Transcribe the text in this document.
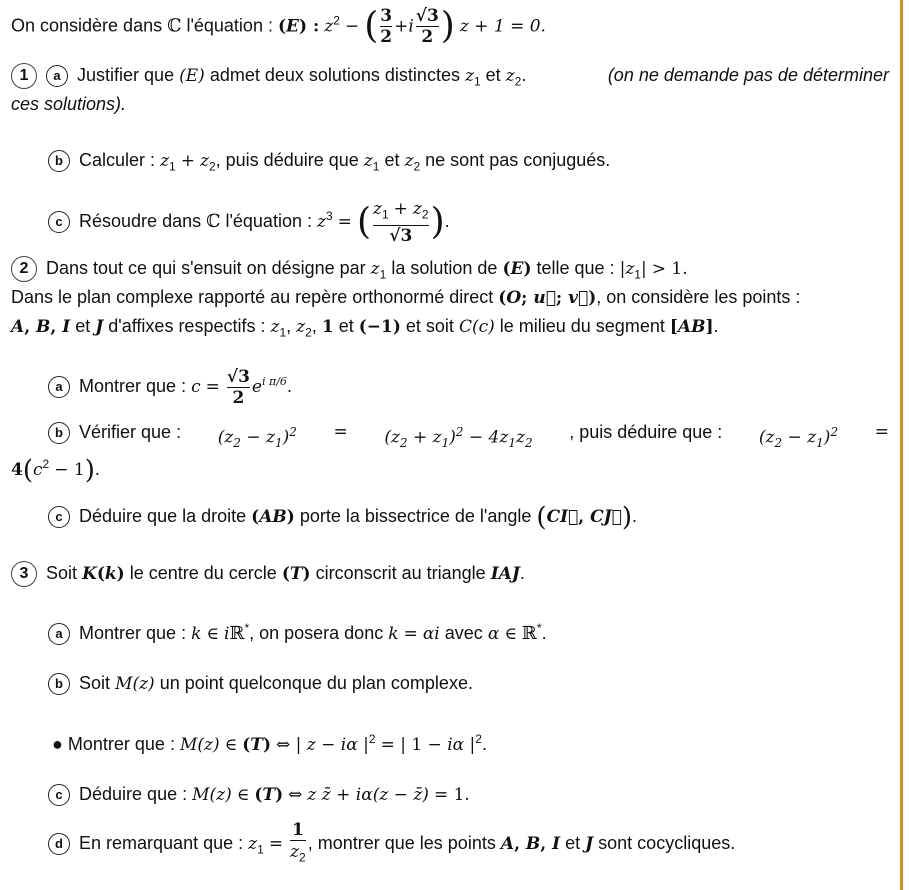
On considère dans ℂ l'équation : (E) : $z^2$ − ( $\frac{3}{2} +i \frac{√3}{2}$ ) z + 1 = 0.
1 a Justifier que (E) admet deux solutions distinctes $z_1$ et $z_2$.	(on ne demande pas de déterminer
ces solutions).
b Calculer : $z_1 + z_2$, puis déduire que $z_1$ et $z_2$ ne sont pas conjugués.
c Résoudre dans ℂ l'équation : $z^3$ = ( $\frac{z_1 + z_2}{√3}$ ).
2 Dans tout ce qui s'ensuit on désigne par $z_1$ la solution de (E) telle que : $|z_1| > 1$.
Dans le plan complexe rapporté au repère orthonormé direct (O; u⃗; v⃗), on considère les points :
A, B, I et J d'affixes respectifs : $z_1$, $z_2$, 1 et (−1) et soit C(c) le milieu du segment [AB].
a Montrer que : $c = \frac{√3}{2} e^{i \pi/6}$.
b Vérifier que : $(z_2 - z_1)^2 = (z_2 + z_1)^2 - 4z_1z_2$
, puis déduire que : $(z_2 - z_1)^2$ =
$4(c^2 - 1)$.
c Déduire que la droite (AB) porte la bissectrice de l'angle (CI⃗, CJ⃗).
3 Soit K(k) le centre du cercle (T) circonscrit au triangle IAJ.
a Montrer que : k ∈ iℝ*, on posera donc k = αi avec α ∈ ℝ*.
b Soit M(z) un point quelconque du plan complexe.
● Montrer que : M(z) ∈ (T) ⇔ | z − iα $|^2$ = | 1 − iα $|^2$.
c Déduire que : M(z) ∈ (T) ⇔ z z̄ + iα(z − z̄) = 1.
d En remarquant que : $z_1 = \frac{1}{z_2}$ , montrer que les points A, B, I et J sont cocycliques.
